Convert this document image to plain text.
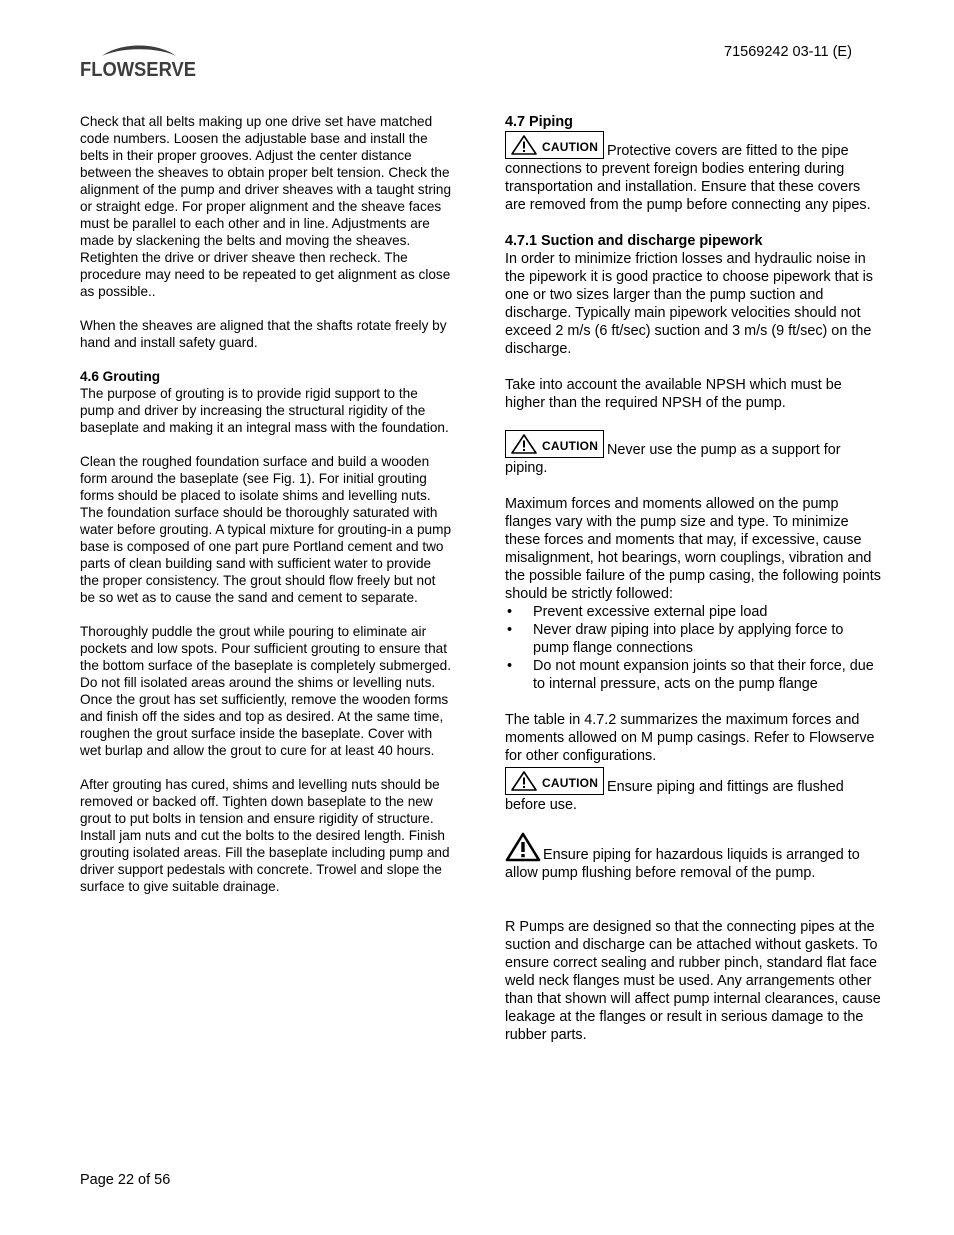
FLOWSERVE
71569242 03-11 (E)

Check that all belts making up one drive set have matched code numbers. Loosen the adjustable base and install the belts in their proper grooves. Adjust the center distance between the sheaves to obtain proper belt tension. Check the alignment of the pump and driver sheaves with a taught string or straight edge. For proper alignment and the sheave faces must be parallel to each other and in line. Adjustments are made by slackening the belts and moving the sheaves. Retighten the drive or driver sheave then recheck. The procedure may need to be repeated to get alignment as close as possible..

When the sheaves are aligned that the shafts rotate freely by hand and install safety guard.

4.6 Grouting

The purpose of grouting is to provide rigid support to the pump and driver by increasing the structural rigidity of the baseplate and making it an integral mass with the foundation.

Clean the roughed foundation surface and build a wooden form around the baseplate (see Fig. 1). For initial grouting forms should be placed to isolate shims and levelling nuts. The foundation surface should be thoroughly saturated with water before grouting. A typical mixture for grouting-in a pump base is composed of one part pure Portland cement and two parts of clean building sand with sufficient water to provide the proper consistency. The grout should flow freely but not be so wet as to cause the sand and cement to separate.

Thoroughly puddle the grout while pouring to eliminate air pockets and low spots. Pour sufficient grouting to ensure that the bottom surface of the baseplate is completely submerged. Do not fill isolated areas around the shims or levelling nuts. Once the grout has set sufficiently, remove the wooden forms and finish off the sides and top as desired. At the same time, roughen the grout surface inside the baseplate. Cover with wet burlap and allow the grout to cure for at least 40 hours.

After grouting has cured, shims and levelling nuts should be removed or backed off. Tighten down baseplate to the new grout to put bolts in tension and ensure rigidity of structure. Install jam nuts and cut the bolts to the desired length. Finish grouting isolated areas. Fill the baseplate including pump and driver support pedestals with concrete. Trowel and slope the surface to give suitable drainage.

4.7 Piping

CAUTION Protective covers are fitted to the pipe connections to prevent foreign bodies entering during transportation and installation. Ensure that these covers are removed from the pump before connecting any pipes.

4.7.1 Suction and discharge pipework

In order to minimize friction losses and hydraulic noise in the pipework it is good practice to choose pipework that is one or two sizes larger than the pump suction and discharge. Typically main pipework velocities should not exceed 2 m/s (6 ft/sec) suction and 3 m/s (9 ft/sec) on the discharge.

Take into account the available NPSH which must be higher than the required NPSH of the pump.

CAUTION Never use the pump as a support for piping.

Maximum forces and moments allowed on the pump flanges vary with the pump size and type. To minimize these forces and moments that may, if excessive, cause misalignment, hot bearings, worn couplings, vibration and the possible failure of the pump casing, the following points should be strictly followed:

• Prevent excessive external pipe load
• Never draw piping into place by applying force to pump flange connections
• Do not mount expansion joints so that their force, due to internal pressure, acts on the pump flange

The table in 4.7.2 summarizes the maximum forces and moments allowed on M pump casings. Refer to Flowserve for other configurations.

CAUTION Ensure piping and fittings are flushed before use.

Ensure piping for hazardous liquids is arranged to allow pump flushing before removal of the pump.

R Pumps are designed so that the connecting pipes at the suction and discharge can be attached without gaskets. To ensure correct sealing and rubber pinch, standard flat face weld neck flanges must be used. Any arrangements other than that shown will affect pump internal clearances, cause leakage at the flanges or result in serious damage to the rubber parts.

Page 22 of 56
